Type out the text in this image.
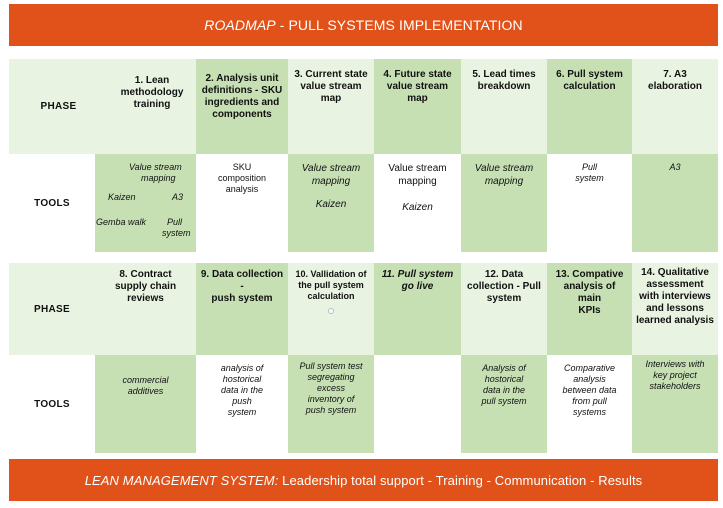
ROADMAP - PULL SYSTEMS IMPLEMENTATION
PHASE
1. Lean
methodology
training
2. Analysis unit
definitions - SKU
ingredients and
components
3. Current state
value stream
map
4. Future state
value stream
map
5. Lead times
breakdown
6. Pull system
calculation
7. A3
elaboration
TOOLS
Value stream
mapping
Kaizen	A3
Gemba walk Pull
system
SKU
composition
analysis
Value stream
mapping
Kaizen
Value stream
mapping
Kaizen
Value stream
mapping
Pull
system
A3
PHASE
8. Contract
supply chain
reviews
9. Data collection -
push system
10. Vallidation of
the pull system
calculation
11. Pull system
go live
12. Data
collection - Pull
system
13. Compative
analysis of main
KPIs
14. Qualitative
assessment
with interviews
and lessons
learned analysis
TOOLS
commercial
additives
analysis of
hostorical
data in the
push
system
Pull system test
segregating
excess
inventory of
push system
Analysis of
hostorical
data in the
pull system
Comparative
analysis
between data
from pull
systems
Interviews with
key project
stakeholders
LEAN MANAGEMENT SYSTEM: Leadership total support - Training - Communication - Results
